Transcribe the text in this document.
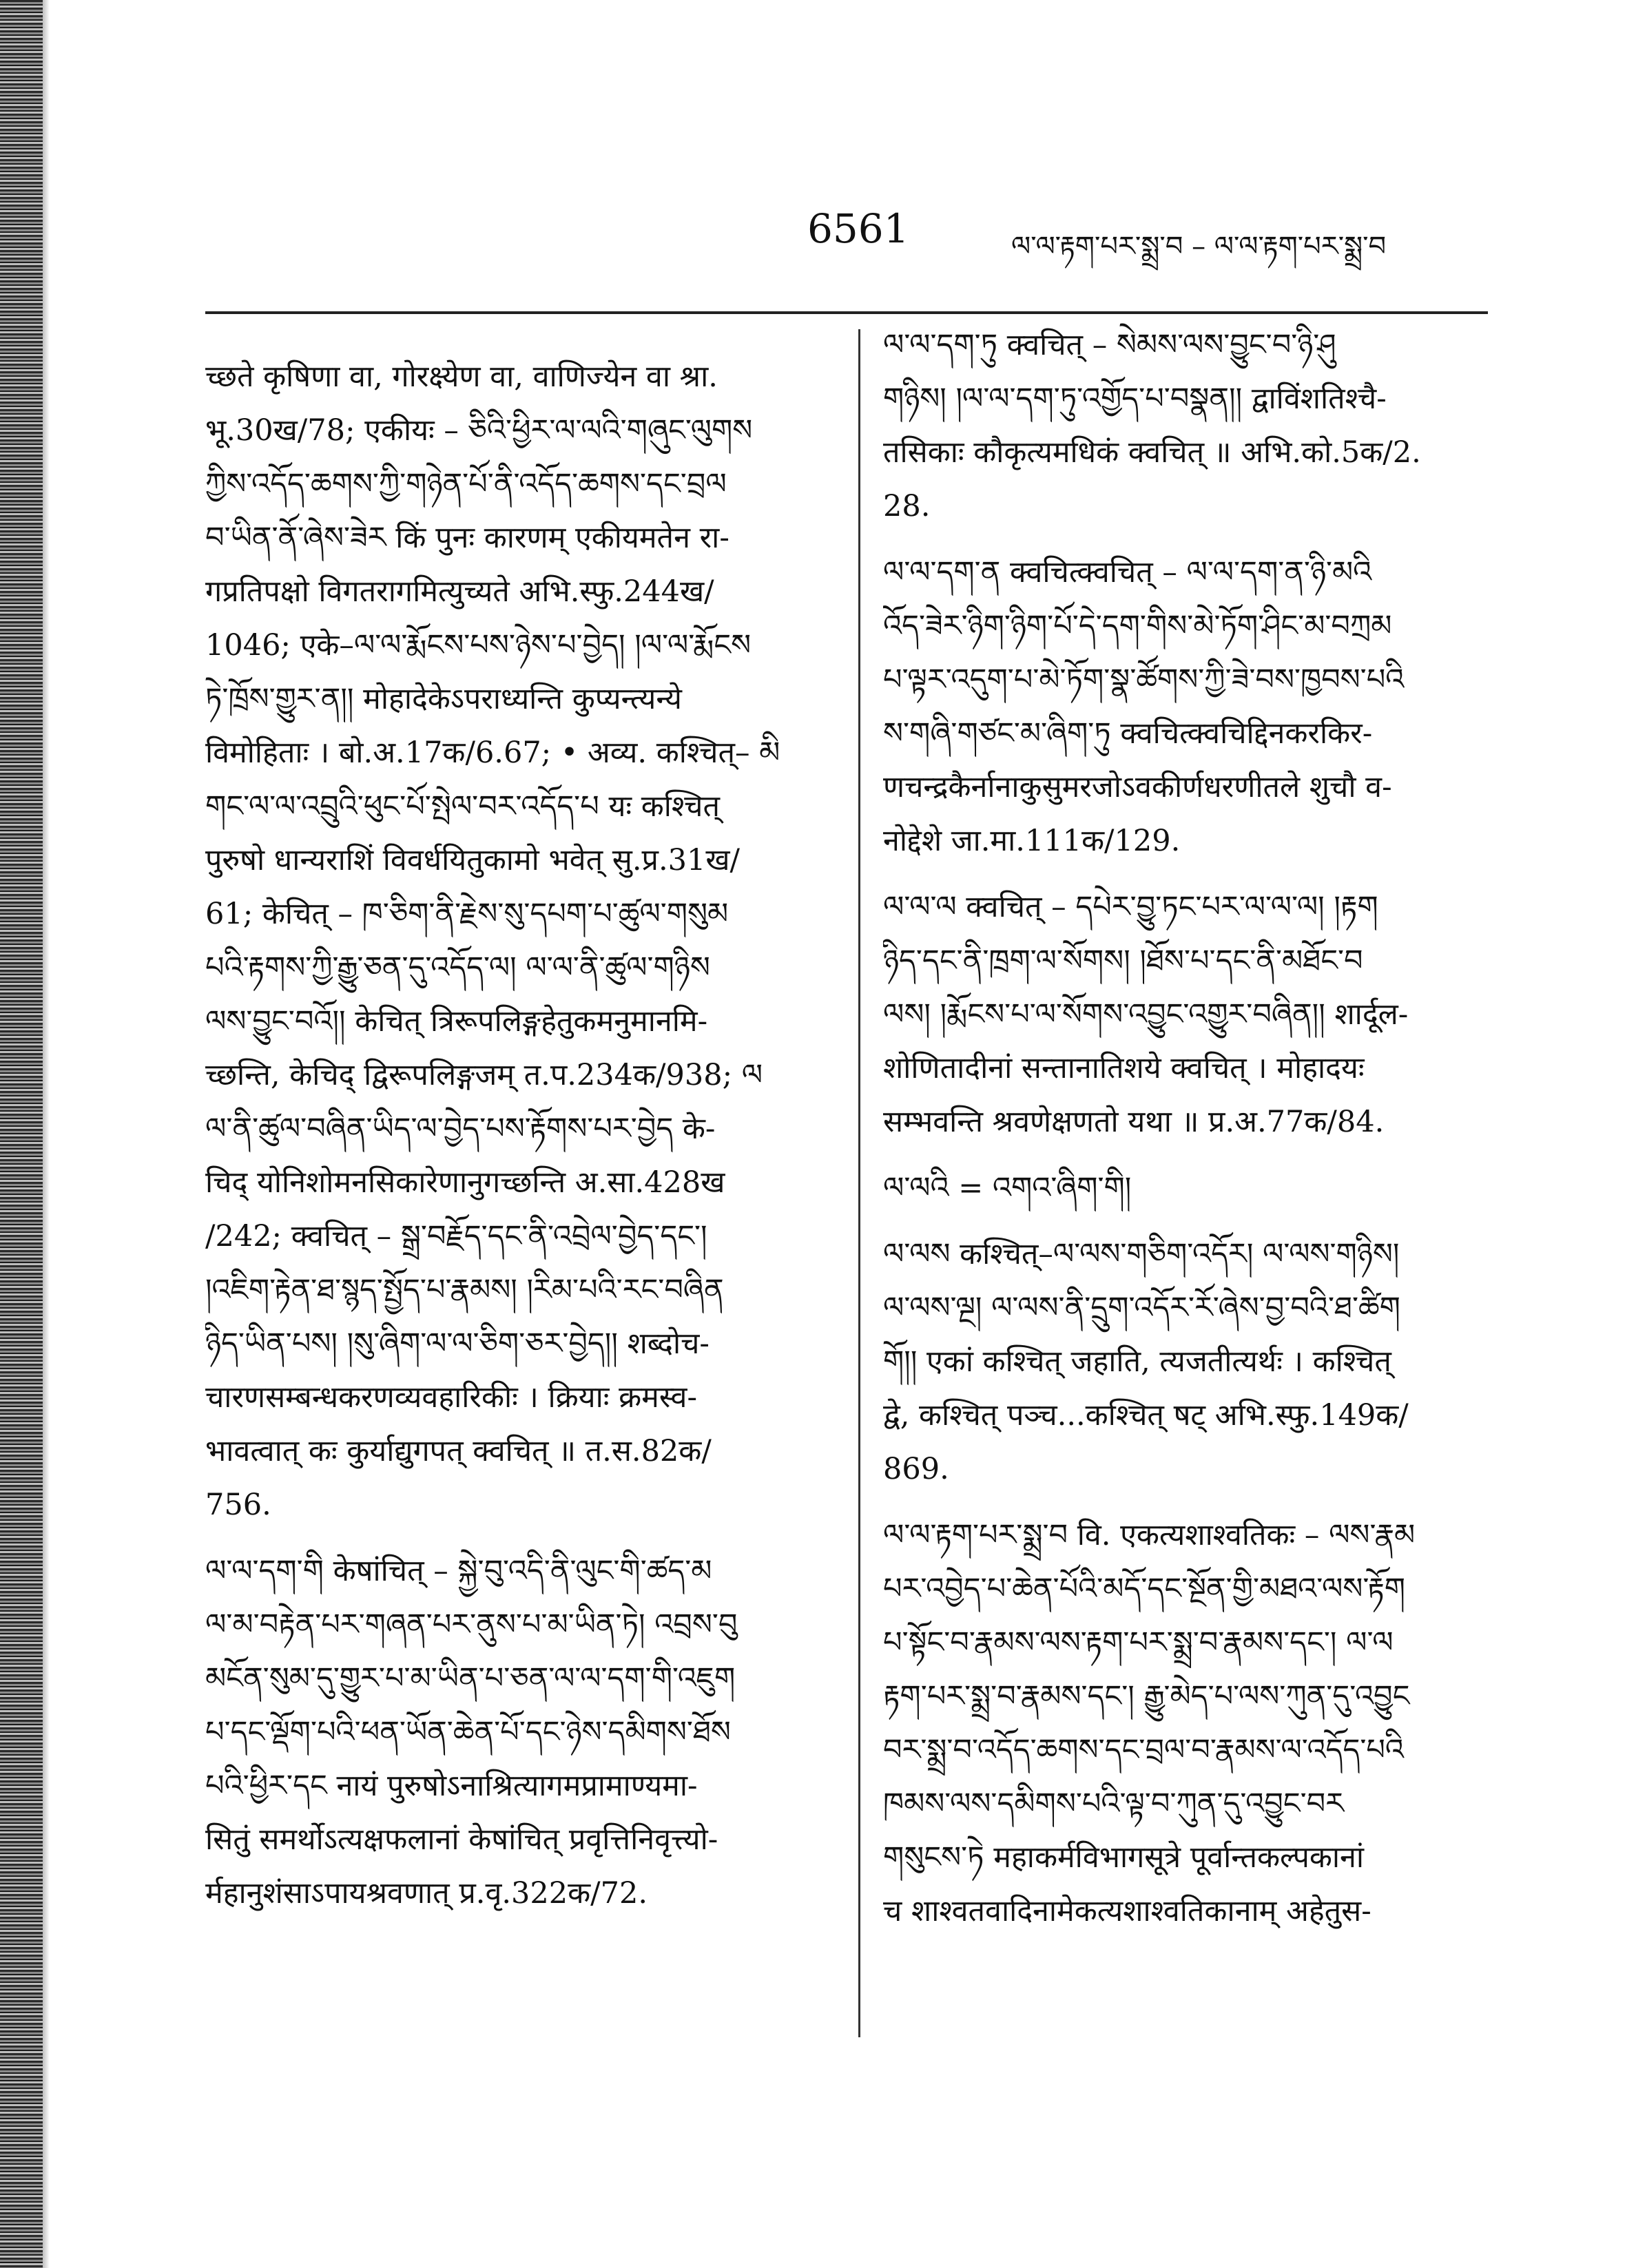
6561	ལ་ལ་རྟག་པར་སྨྲ་བ – ལ་ལ་རྟག་པར་སྨྲ་བ
च्छते कृषिणा वा, गोरक्ष्येण वा, वाणिज्येन वा श्रा.
भू.30ख/78; एकीयः – ཅིའི་ཕྱིར་ལ་ལའི་གཞུང་ལུགས
ཀྱིས་འདོད་ཆགས་ཀྱི་གཉེན་པོ་ནི་འདོད་ཆགས་དང་བྲལ
བ་ཡིན་ནོ་ཞེས་ཟེར किं पुनः कारणम् एकीयमतेन रा-
गप्रतिपक्षो विगतरागमित्युच्यते अभि.स्फु.244ख/
1046; एके–ལ་ལ་རྨོངས་པས་ཉེས་པ་བྱེད། །ལ་ལ་རྨོངས
ཏེ་ཁྲོས་གྱུར་ན།། मोहादेकेऽपराध्यन्ति कुप्यन्त्यन्ये
विमोहिताः । बो.अ.17क/6.67; • अव्य. कश्चित्– མི
གང་ལ་ལ་འབྲུའི་ཕུང་པོ་སྤེལ་བར་འདོད་པ यः कश्चित्
पुरुषो धान्यराशिं विवर्धयितुकामो भवेत् सु.प्र.31ख/
61; केचित् – ཁ་ཅིག་ནི་རྗེས་སུ་དཔག་པ་ཚུལ་གསུམ
པའི་རྟགས་ཀྱི་རྒྱུ་ཅན་དུ་འདོད་ལ། ལ་ལ་ནི་ཚུལ་གཉིས
ལས་བྱུང་བའོ།། केचित् त्रिरूपलिङ्गहेतुकमनुमानमि-
च्छन्ति, केचिद् द्विरूपलिङ्गजम् त.प.234क/938; ལ
ལ་ནི་ཚུལ་བཞིན་ཡིད་ལ་བྱེད་པས་རྟོགས་པར་བྱེད के-
चिद् योनिशोमनसिकारेणानुगच्छन्ति अ.सा.428ख
/242; क्वचित् – སྒྲ་བརྗོད་དང་ནི་འབྲེལ་བྱེད་དང་།
།འཇིག་རྟེན་ཐ་སྙད་སྤྱོད་པ་རྣམས། །རིམ་པའི་རང་བཞིན
ཉིད་ཡིན་པས། །སུ་ཞིག་ལ་ལ་ཅིག་ཅར་བྱེད།། शब्दोच-
चारणसम्बन्धकरणव्यवहारिकीः । क्रियाः क्रमस्व-
भावत्वात् कः कुर्याद्युगपत् क्वचित् ॥ त.स.82क/
756.
ལ་ལ་དག་གི केषांचित् – སྐྱེ་བུ་འདི་ནི་ལུང་གི་ཚད་མ
ལ་མ་བརྟེན་པར་གཞན་པར་ནུས་པ་མ་ཡིན་ཏེ། འབྲས་བུ
མངོན་སུམ་དུ་གྱུར་པ་མ་ཡིན་པ་ཅན་ལ་ལ་དག་གི་འཇུག
པ་དང་ལྡོག་པའི་ཕན་ཡོན་ཆེན་པོ་དང་ཉེས་དམིགས་ཐོས
པའི་ཕྱིར་དང नायं पुरुषोऽनाश्रित्यागमप्रामाण्यमा-
सितुं समर्थोऽत्यक्षफलानां केषांचित् प्रवृत्तिनिवृत्त्यो-
र्महानुशंसाऽपायश्रवणात् प्र.वृ.322क/72.
ལ་ལ་དག་ཏུ क्वचित् – སེམས་ལས་བྱུང་བ་ཉི་ཤུ
གཉིས། །ལ་ལ་དག་ཏུ་འགྱོད་པ་བསྣན།། द्वाविंशतिश्चै-
तसिकाः कौकृत्यमधिकं क्वचित् ॥ अभि.को.5क/2.
28.
ལ་ལ་དག་ན क्वचित्क्वचित् – ལ་ལ་དག་ན་ཉི་མའི
འོད་ཟེར་ཉིག་ཉིག་པོ་དེ་དག་གིས་མེ་ཏོག་ཤིང་མ་བཀྲམ
པ་ལྟར་འདུག་པ་མེ་ཏོག་སྣ་ཚོགས་ཀྱི་ཟེ་བས་ཁྱབས་པའི
ས་གཞི་གཙང་མ་ཞིག་ཏུ क्वचित्क्वचिद्दिनकरकिर-
णचन्द्रकैर्नानाकुसुमरजोऽवकीर्णधरणीतले शुचौ व-
नोद्देशे जा.मा.111क/129.
ལ་ལ་ལ क्वचित् – དཔེར་བྱུ་ཏང་པར་ལ་ལ་ལ། །རྟག
ཉིད་དང་ནི་ཁྲག་ལ་སོགས། །ཐོས་པ་དང་ནི་མཐོང་བ
ལས། །རྨོངས་པ་ལ་སོགས་འབྱུང་འགྱུར་བཞིན།། शार्दूल-
शोणितादीनां सन्तानातिशये क्वचित् । मोहादयः
सम्भवन्ति श्रवणेक्षणतो यथा ॥ प्र.अ.77क/84.
ལ་ལའི = འགའ་ཞིག་གི།
ལ་ལས कश्चित्–ལ་ལས་གཅིག་འདོར། ལ་ལས་གཉིས།
ལ་ལས་ལྔ། ལ་ལས་ནི་དྲུག་འདོར་རོ་ཞེས་བྱ་བའི་ཐ་ཚིག
གོ།། एकां कश्चित् जहाति, त्यजतीत्यर्थः । कश्चित्
द्वे, कश्चित् पञ्च...कश्चित् षट् अभि.स्फु.149क/
869.
ལ་ལ་རྟག་པར་སྨྲ་བ वि. एकत्यशाश्वतिकः – ལས་རྣམ
པར་འབྱེད་པ་ཆེན་པོའི་མདོ་དང་སྔོན་གྱི་མཐའ་ལས་རྟོག
པ་སྟོང་བ་རྣམས་ལས་རྟག་པར་སྨྲ་བ་རྣམས་དང་། ལ་ལ
རྟག་པར་སྨྲ་བ་རྣམས་དང་། རྒྱུ་མེད་པ་ལས་ཀུན་དུ་འབྱུང
བར་སྨྲ་བ་འདོད་ཆགས་དང་བྲལ་བ་རྣམས་ལ་འདོད་པའི
ཁམས་ལས་དམིགས་པའི་ལྟ་བ་ཀུན་དུ་འབྱུང་བར
གསུངས་ཏེ महाकर्मविभागसूत्रे पूर्वान्तकल्पकानां
च शाश्वतवादिनामेकत्यशाश्वतिकानाम् अहेतुस-
